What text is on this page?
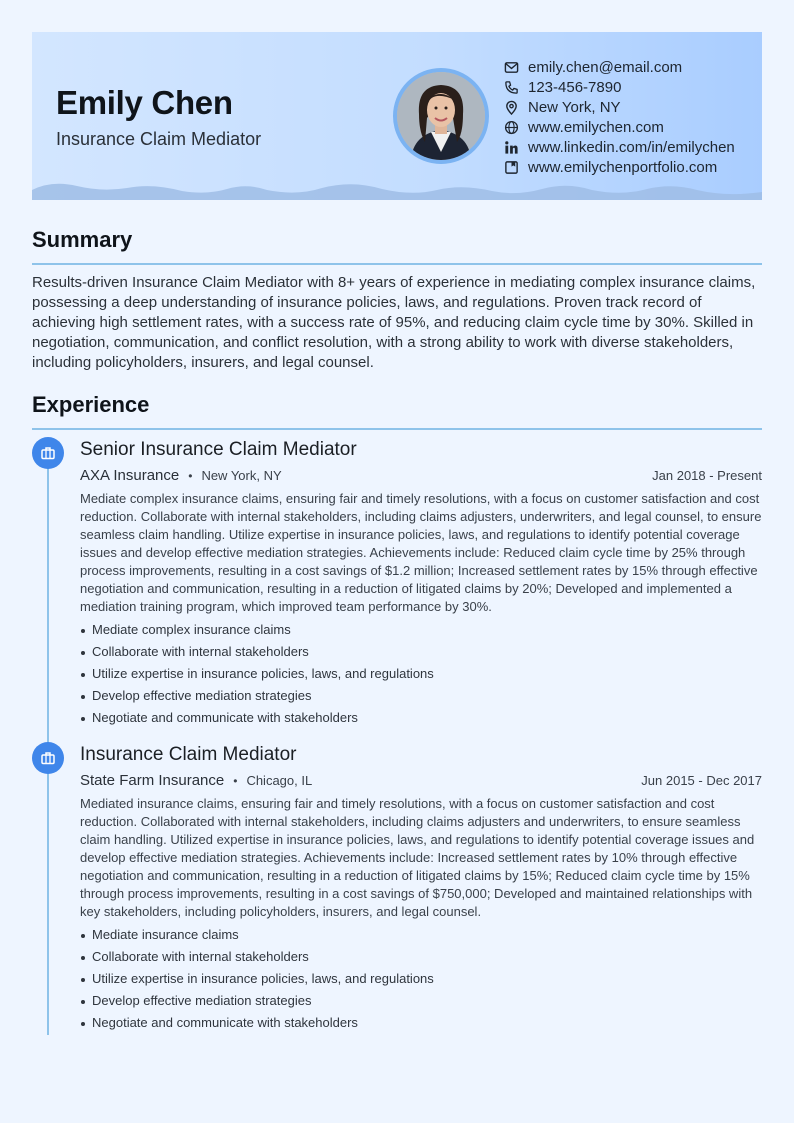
Emily Chen
Insurance Claim Mediator
emily.chen@email.com
123-456-7890
New York, NY
www.emilychen.com
www.linkedin.com/in/emilychen
www.emilychenportfolio.com
Summary
Results-driven Insurance Claim Mediator with 8+ years of experience in mediating complex insurance claims, possessing a deep understanding of insurance policies, laws, and regulations. Proven track record of achieving high settlement rates, with a success rate of 95%, and reducing claim cycle time by 30%. Skilled in negotiation, communication, and conflict resolution, with a strong ability to work with diverse stakeholders, including policyholders, insurers, and legal counsel.
Experience
Senior Insurance Claim Mediator
AXA Insurance • New York, NY	Jan 2018 - Present
Mediate complex insurance claims, ensuring fair and timely resolutions, with a focus on customer satisfaction and cost reduction. Collaborate with internal stakeholders, including claims adjusters, underwriters, and legal counsel, to ensure seamless claim handling. Utilize expertise in insurance policies, laws, and regulations to identify potential coverage issues and develop effective mediation strategies. Achievements include: Reduced claim cycle time by 25% through process improvements, resulting in a cost savings of $1.2 million; Increased settlement rates by 15% through effective negotiation and communication, resulting in a reduction of litigated claims by 20%; Developed and implemented a mediation training program, which improved team performance by 30%.
Mediate complex insurance claims
Collaborate with internal stakeholders
Utilize expertise in insurance policies, laws, and regulations
Develop effective mediation strategies
Negotiate and communicate with stakeholders
Insurance Claim Mediator
State Farm Insurance • Chicago, IL	Jun 2015 - Dec 2017
Mediated insurance claims, ensuring fair and timely resolutions, with a focus on customer satisfaction and cost reduction. Collaborated with internal stakeholders, including claims adjusters and underwriters, to ensure seamless claim handling. Utilized expertise in insurance policies, laws, and regulations to identify potential coverage issues and develop effective mediation strategies. Achievements include: Increased settlement rates by 10% through effective negotiation and communication, resulting in a reduction of litigated claims by 15%; Reduced claim cycle time by 15% through process improvements, resulting in a cost savings of $750,000; Developed and maintained relationships with key stakeholders, including policyholders, insurers, and legal counsel.
Mediate insurance claims
Collaborate with internal stakeholders
Utilize expertise in insurance policies, laws, and regulations
Develop effective mediation strategies
Negotiate and communicate with stakeholders
